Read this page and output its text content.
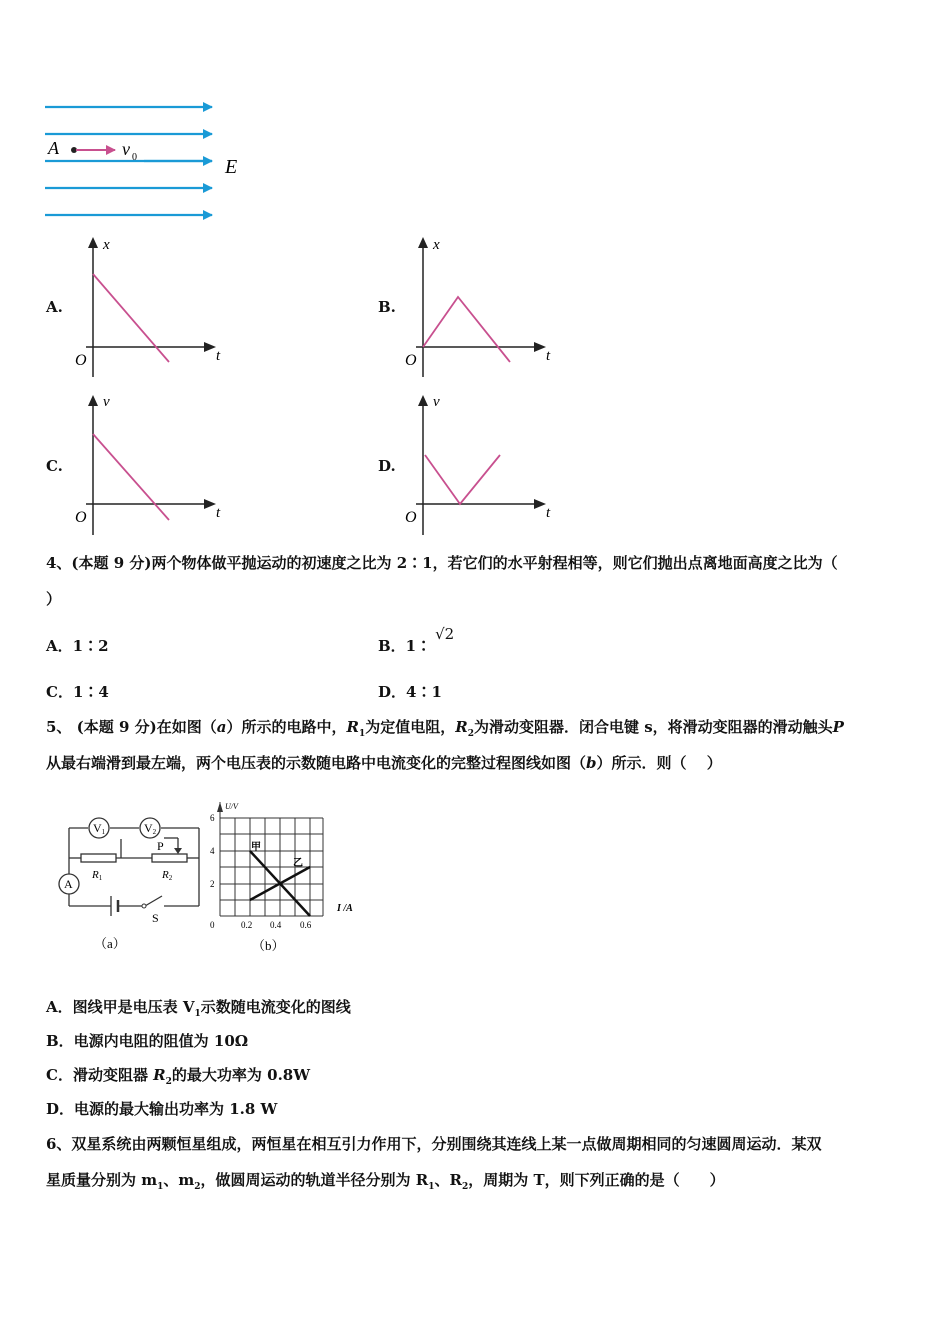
A	v 0	E
A.	B.
C.	D.
x
t
O
x
t
O
v
t
O
v
t
O
4、(本题 9 分)两个物体做平抛运动的初速度之比为 2∶1，若它们的水平射程相等，则它们抛出点离地面高度之比为（
）
A．1∶2	B．1∶√2
C．1∶4	D．4∶1
5、 (本题 9 分)在如图（a）所示的电路中，$R_1$为定值电阻，$R_2$为滑动变阻器．闭合电键 s，将滑动变阻器的滑动触头P
从最右端滑到最左端，两个电压表的示数随电路中电流变化的完整过程图线如图（b）所示．则（　 ）
V1	V2
A
P
R1	R2
S
（a）
U/V
I /A
6
4
2
0	0.2 0.4 0.6
甲
乙
（b）
A．图线甲是电压表 $V_1$示数随电流变化的图线
B．电源内电阻的阻值为 10Ω
C．滑动变阻器 $R_2$的最大功率为 0.8W
D．电源的最大输出功率为 1.8 W
6、双星系统由两颗恒星组成，两恒星在相互引力作用下，分别围绕其连线上某一点做周期相同的匀速圆周运动．某双
星质量分别为 $m_1$、$m_2$，做圆周运动的轨道半径分别为 $R_1$、$R_2$，周期为 T，则下列正确的是（　　）
